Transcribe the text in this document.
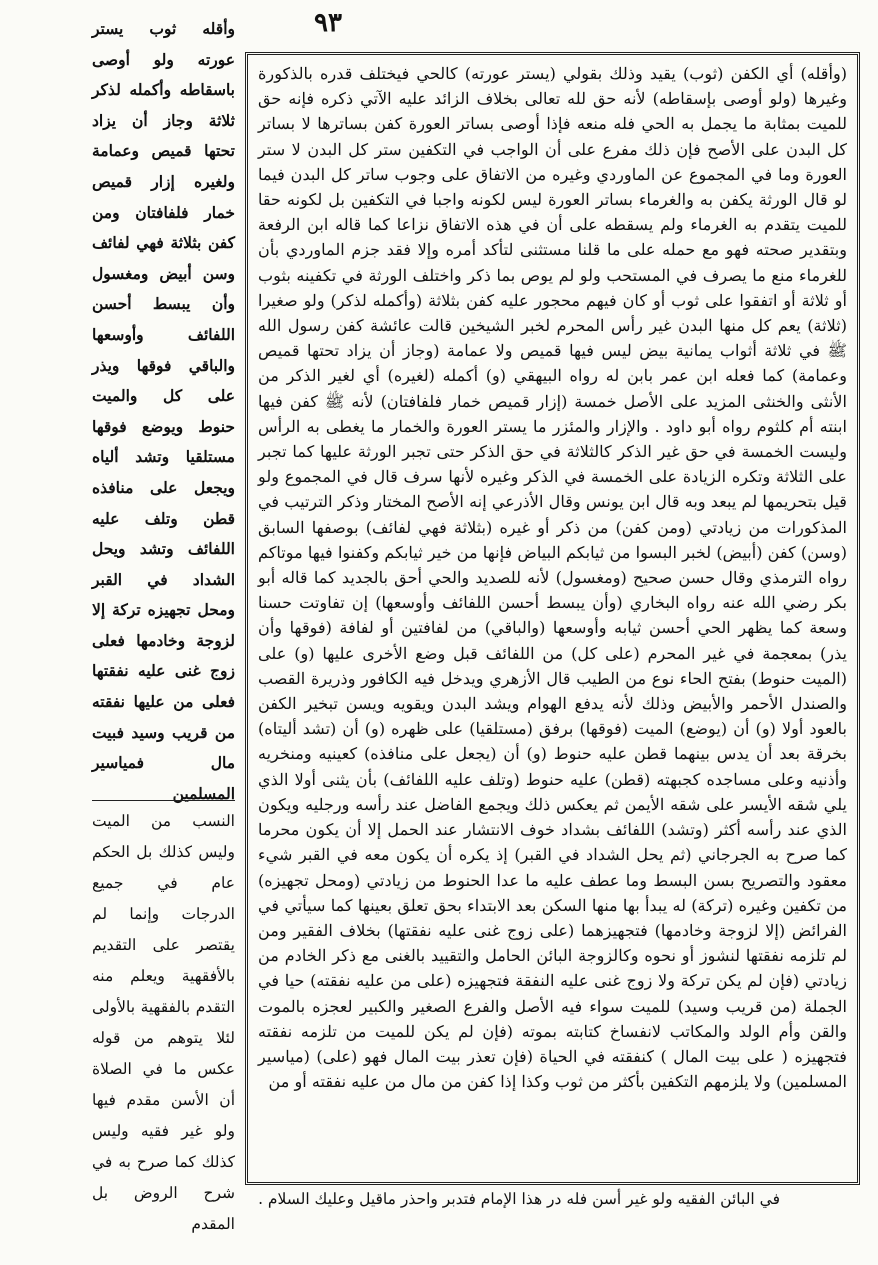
٩٣

وأقله ثوب يستر عورته ولو أوصى باسقاطه وأكمله لذكر ثلاثة وجاز أن يزاد تحتها قميص وعمامة ولغيره إزار قميص خمار فلفافتان ومن كفن بثلاثة فهي لفائف وسن أبيض ومغسول وأن يبسط أحسن اللفائف وأوسعها والباقي فوقها ويذر على كل والميت حنوط ويوضع فوقها مستلقيا وتشد ألياه ويجعل على منافذه قطن وتلف عليه اللفائف وتشد ويحل الشداد في القبر ومحل تجهيزه تركة إلا لزوجة وخادمها فعلى زوج غنى عليه نفقتها فعلى من عليها نفقته من قريب وسيد فبيت مال فمياسير المسلمين

النسب من الميت وليس كذلك بل الحكم عام في جميع الدرجات وإنما لم يقتصر على التقديم بالأفقهية ويعلم منه التقدم بالفقهية بالأولى لئلا يتوهم من قوله عكس ما في الصلاة أن الأسن مقدم فيها ولو غير فقيه وليس كذلك كما صرح به في شرح الروض بل المقدم

(وأقله) أي الكفن (ثوب) يقيد وذلك بقولي (يستر عورته) كالحي فيختلف قدره بالذكورة وغيرها (ولو أوصى بإسقاطه) لأنه حق لله تعالى بخلاف الزائد عليه الآتي ذكره فإنه حق للميت بمثابة ما يجمل به الحي فله منعه فإذا أوصى بساتر العورة كفن بساترها لا بساتر كل البدن على الأصح فإن ذلك مفرع على أن الواجب في التكفين ستر كل البدن لا ستر العورة وما في المجموع عن الماوردي وغيره من الاتفاق على وجوب ساتر كل البدن فيما لو قال الورثة يكفن به والغرماء بساتر العورة ليس لكونه واجبا في التكفين بل لكونه حقا للميت يتقدم به الغرماء ولم يسقطه على أن في هذه الاتفاق نزاعا كما قاله ابن الرفعة وبتقدير صحته فهو مع حمله على ما قلنا مستثنى لتأكد أمره وإلا فقد جزم الماوردي بأن للغرماء منع ما يصرف في المستحب ولو لم يوص بما ذكر واختلف الورثة في تكفينه بثوب أو ثلاثة أو اتفقوا على ثوب أو كان فيهم محجور عليه كفن بثلاثة (وأكمله لذكر) ولو صغيرا (ثلاثة) يعم كل منها البدن غير رأس المحرم لخبر الشيخين قالت عائشة كفن رسول الله ﷺ في ثلاثة أثواب يمانية بيض ليس فيها قميص ولا عمامة (وجاز أن يزاد تحتها قميص وعمامة) كما فعله ابن عمر بابن له رواه البيهقي (و) أكمله (لغيره) أي لغير الذكر من الأنثى والخنثى المزيد على الأصل خمسة (إزار قميص خمار فلفافتان) لأنه ﷺ كفن فيها ابنته أم كلثوم رواه أبو داود . والإزار والمئزر ما يستر العورة والخمار ما يغطى به الرأس وليست الخمسة في حق غير الذكر كالثلاثة في حق الذكر حتى تجبر الورثة عليها كما تجبر على الثلاثة وتكره الزيادة على الخمسة في الذكر وغيره لأنها سرف قال في المجموع ولو قيل بتحريمها لم يبعد وبه قال ابن يونس وقال الأذرعي إنه الأصح المختار وذكر الترتيب في المذكورات من زيادتي (ومن كفن) من ذكر أو غيره (بثلاثة فهي لفائف) بوصفها السابق (وسن) كفن (أبيض) لخبر البسوا من ثيابكم البياض فإنها من خير ثيابكم وكفنوا فيها موتاكم رواه الترمذي وقال حسن صحيح (ومغسول) لأنه للصديد والحي أحق بالجديد كما قاله أبو بكر رضي الله عنه رواه البخاري (وأن يبسط أحسن اللفائف وأوسعها) إن تفاوتت حسنا وسعة كما يظهر الحي أحسن ثيابه وأوسعها (والباقي) من لفافتين أو لفافة (فوقها وأن يذر) بمعجمة في غير المحرم (على كل) من اللفائف قبل وضع الأخرى عليها (و) على (الميت حنوط) بفتح الحاء نوع من الطيب قال الأزهري ويدخل فيه الكافور وذريرة القصب والصندل الأحمر والأبيض وذلك لأنه يدفع الهوام ويشد البدن ويقويه ويسن تبخير الكفن بالعود أولا (و) أن (يوضع) الميت (فوقها) برفق (مستلقيا) على ظهره (و) أن (تشد أليتاه) بخرقة بعد أن يدس بينهما قطن عليه حنوط (و) أن (يجعل على منافذه) كعينيه ومنخريه وأذنيه وعلى مساجده كجبهته (قطن) عليه حنوط (وتلف عليه اللفائف) بأن يثنى أولا الذي يلي شقه الأيسر على شقه الأيمن ثم يعكس ذلك ويجمع الفاضل عند رأسه ورجليه ويكون الذي عند رأسه أكثر (وتشد) اللفائف بشداد خوف الانتشار عند الحمل إلا أن يكون محرما كما صرح به الجرجاني (ثم يحل الشداد في القبر) إذ يكره أن يكون معه في القبر شيء معقود والتصريح بسن البسط وما عطف عليه ما عدا الحنوط من زيادتي (ومحل تجهيزه) من تكفين وغيره (تركة) له يبدأ بها منها السكن بعد الابتداء بحق تعلق بعينها كما سيأتي في الفرائض (إلا لزوجة وخادمها) فتجهيزهما (على زوج غنى عليه نفقتها) بخلاف الفقير ومن لم تلزمه نفقتها لنشوز أو نحوه وكالزوجة البائن الحامل والتقييد بالغنى مع ذكر الخادم من زيادتي (فإن لم يكن تركة ولا زوج غنى عليه النفقة فتجهيزه (على من عليه نفقته) حيا في الجملة (من قريب وسيد) للميت سواء فيه الأصل والفرع الصغير والكبير لعجزه بالموت والقن وأم الولد والمكاتب لانفساخ كتابته بموته (فإن لم يكن للميت من تلزمه نفقته فتجهيزه ( على بيت المال ) كنفقته في الحياة (فإن تعذر بيت المال فهو (على) (مياسير المسلمين) ولا يلزمهم التكفين بأكثر من ثوب وكذا إذا كفن من مال من عليه نفقته أو من

في البائن الفقيه ولو غير أسن فله در هذا الإمام فتدبر واحذر ماقيل وعليك السلام .
